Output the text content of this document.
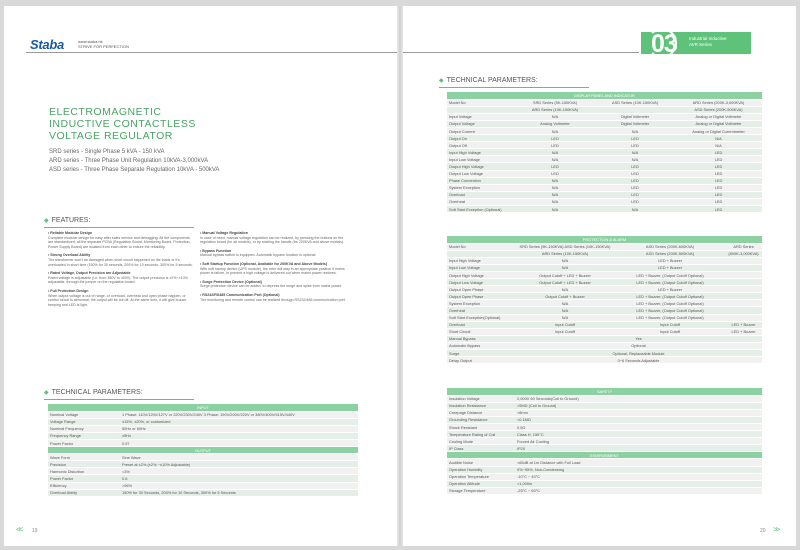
Staba	www.staba.hk
STRIVE FOR PERFECTION
ELECTROMAGNETIC
INDUCTIVE CONTACTLESS
VOLTAGE REGULATOR
SRD series - Single Phase 5 kVA - 150 kVA
ARD series - Three Phase Unit Regulation 10kVA-3,000kVA
ASD series - Three Phase Separate Regulation 10kVA - 500kVA
◆ FEATURES:
• Reliable Modular Design
Complete modular design for easy after sales service and debugging; All the components are standardized; all the separate PCBA (Regulation Board, Monitoring Board, Protection, Power Supply Board) are isolated from each other to ensure the reliability.
• Strong Overload Ability
The transformer won't be damaged when short circuit happened on the loads or it's overloaded in short time (150% for 30 seconds, 200% for 10 seconds, 300% for 5 seconds.
• Rated Voltage, Output Precision are Adjustable
Rated voltage is adjustable (i.e. from 380V to 400V). The output precision is ±2%~±10% adjustable, through the jumper on the regulation board.
• Full Protection Design
When output voltage is out of range, or overload, overheat and open phase happen, or control circuit is abnormal, the output will be cut off. At the same time, it will give buzzer beeping and LED is light.
• Manual Voltage Regulation
In case of need, manual voltage regulation can be realized, by pressing the buttons on the regulation board (for all models), or by rotating the handle (for 200KVA and above models).
• Bypass Function
Manual bypass switch is equipped. Automatic bypass function is optional
• Soft Startup Function (Optional, Available for 200KVA and Above Models)
With soft startup device (UPS module), the rotor will stay in an appropriate position if mains power is failure, to prevent a high voltage is delivered out when mains power restores.
• Surge Protection Device (Optional)
Surge protection device can be added, to depress the surge and spike from mains power.
• RS232/RS485 Communication Port (Optional)
The monitoring and remote control can be realized through RS232/485 communication port.
◆ TECHNICAL PARAMETERS:
INPUT	
Nominal Voltage	1 Phase: 110V/120V/127V or 220V/230V/240V 3 Phase: 190V/200V/220V or 380V/400V/415V/440V
Voltage Range	±15%, ±20%, or customized
Nominal Frequency	50Hz or 60Hz
Frequency Range	±5Hz
Power Factor	0.97
OUTPUT	
Wave Form	Sine Wave
Precision	Preset at ±2% (±2% ~±10% Adjustable)
Harmonic Distortion	<3%
Power Factor	0.8
Efficiency	>96%
Overload Ability	150% for 30 Seconds, 200% for 10 Seconds, 300% for 5 Seconds
<< 19
03	Industrial Inductive
AVR Series
◆ TECHNICAL PARAMETERS:
DISPLAY PANEL AND INDICATOR			
Model No	SRD Series (5K-150KVA)	ASD Series (10K-150KVA)	ARD Series (200K-3,000KVA)
	ARD Series (10K-150KVA)		ASD Series (200K-500KVA)
Input Voltage	N/A	Digital Voltmeter	Analog or Digital Voltmeter
Output Voltage	Analog Voltmeter	Digital Voltmeter	Analog or Digital Voltmeter
Output Current	N/A	N/A	Analog or Digital Currentmeter
Output On	LED	LED	N/A
Output Off	LED	LED	N/A
Input High Voltage	N/A	N/A	LED
Input Low Voltage	N/A	N/A	LED
Output High Voltage	LED	LED	LED
Output Low Voltage	LED	LED	LED
Phase Connection	N/A	LED	LED
System Exception	N/A	LED	LED
Overload	N/A	LED	LED
Overheat	N/A	LED	LED
Soft Start Exception (Optional)	N/A	N/A	LED
PROTECTION & ALARM			
Model No	SRD Series (5K-150KVA) ASD Series (10K-150KVA)	ASD Series (200K-600KVA)	ARD Series
	ARD Series (10K-150KVA)	ASD Series (200K-500KVA)	(800K-3,000KVA)
Input High Voltage	N/A	LED + Buzzer	
Input Low Voltage	N/A	LED + Buzzer	
Output High Voltage	Output Cutoff + LED + Buzzer	LED + Buzzer, (Output Cutoff Optional)	
Output Low Voltage	Output Cutoff + LED + Buzzer	LED + Buzzer, (Output Cutoff Optional)	
Output Open Phase	N/A	LED + Buzzer	
Output Open Phase	Output Cutoff + Buzzer	LED + Buzzer, (Output Cutoff Optional)	
System Exception	N/A	LED + Buzzer, (Output Cutoff Optional)	
Overheat	N/A	LED + Buzzer, (Output Cutoff Optional)	
Soft Start Exception(Optional)	N/A	LED + Buzzer, (Output Cutoff Optional)	
Overload	Input Cutoff	Input Cutoff	LED + Buzzer
Short Circuit	Input Cutoff	Input Cutoff	LED + Buzzer
Manual Bypass	Yes		
Automatic Bypass	Optional		
Surge	Optional, Replaceable Module		
Delay Output	0~6 Seconds Adjustable		
SAFETY	
Insulation Voltage	2,000V 60 Seconds(Coil to Ground)
Insulation Resistance	>5MΩ (Coil to Ground)
Creepage Distance	>8mm
Grounding Resistance	<0.1MΩ
Shock Resistant	0.5G
Temperature Rating of Coil	Class H, 155°C
Cooling Mode	Forced Air Cooling
IP Class	IP20
ENVIRONMENT	
Audible Noise	<65dB at 1m Distance with Full Load
Operation Humidity	0%~95%, Non-Condensing
Operation Temperature	-10°C ~ 40°C
Operation Altitude	<1,000m
Storage Temperature	-25°C ~ 60°C
20 >>
